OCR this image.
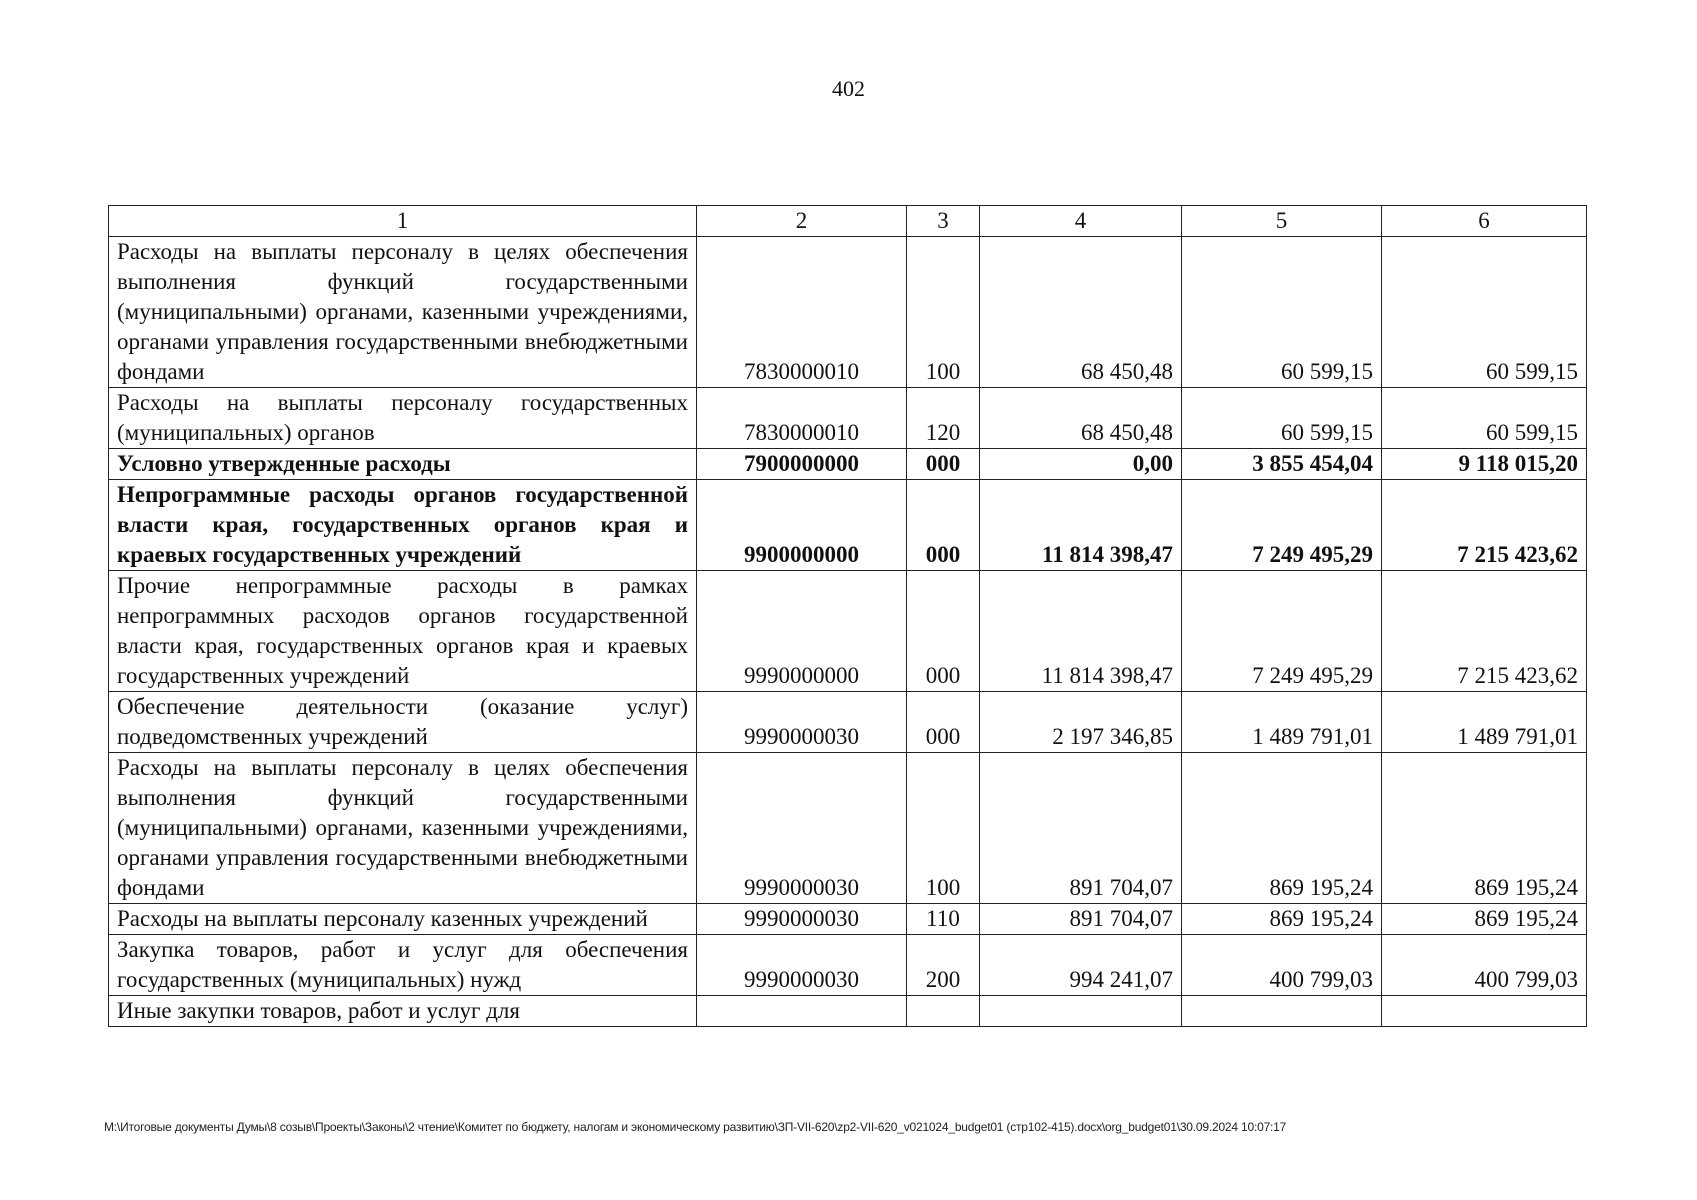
402
1	2	3	4	5	6
Расходы на выплаты персоналу в целях обеспечения выполнения функций государственными (муниципальными) органами, казенными учреждениями, органами управления государственными внебюджетными фондами	7830000010	100	68 450,48	60 599,15	60 599,15
Расходы на выплаты персоналу государственных (муниципальных) органов	7830000010	120	68 450,48	60 599,15	60 599,15
Условно утвержденные расходы	7900000000	000	0,00	3 855 454,04	9 118 015,20
Непрограммные расходы органов государственной власти края, государственных органов края и краевых государственных учреждений	9900000000	000	11 814 398,47	7 249 495,29	7 215 423,62
Прочие непрограммные расходы в рамках непрограммных расходов органов государственной власти края, государственных органов края и краевых государственных учреждений	9990000000	000	11 814 398,47	7 249 495,29	7 215 423,62
Обеспечение деятельности (оказание услуг) подведомственных учреждений	9990000030	000	2 197 346,85	1 489 791,01	1 489 791,01
Расходы на выплаты персоналу в целях обеспечения выполнения функций государственными (муниципальными) органами, казенными учреждениями, органами управления государственными внебюджетными фондами	9990000030	100	891 704,07	869 195,24	869 195,24
Расходы на выплаты персоналу казенных учреждений	9990000030	110	891 704,07	869 195,24	869 195,24
Закупка товаров, работ и услуг для обеспечения государственных (муниципальных) нужд	9990000030	200	994 241,07	400 799,03	400 799,03
Иные закупки товаров, работ и услуг для					
M:\Итоговые документы Думы\8 созыв\Проекты\Законы\2 чтение\Комитет по бюджету, налогам и экономическому развитию\ЗП-VII-620\zp2-VII-620_v021024_budget01 (стр102-415).docx\org_budget01\30.09.2024 10:07:17
